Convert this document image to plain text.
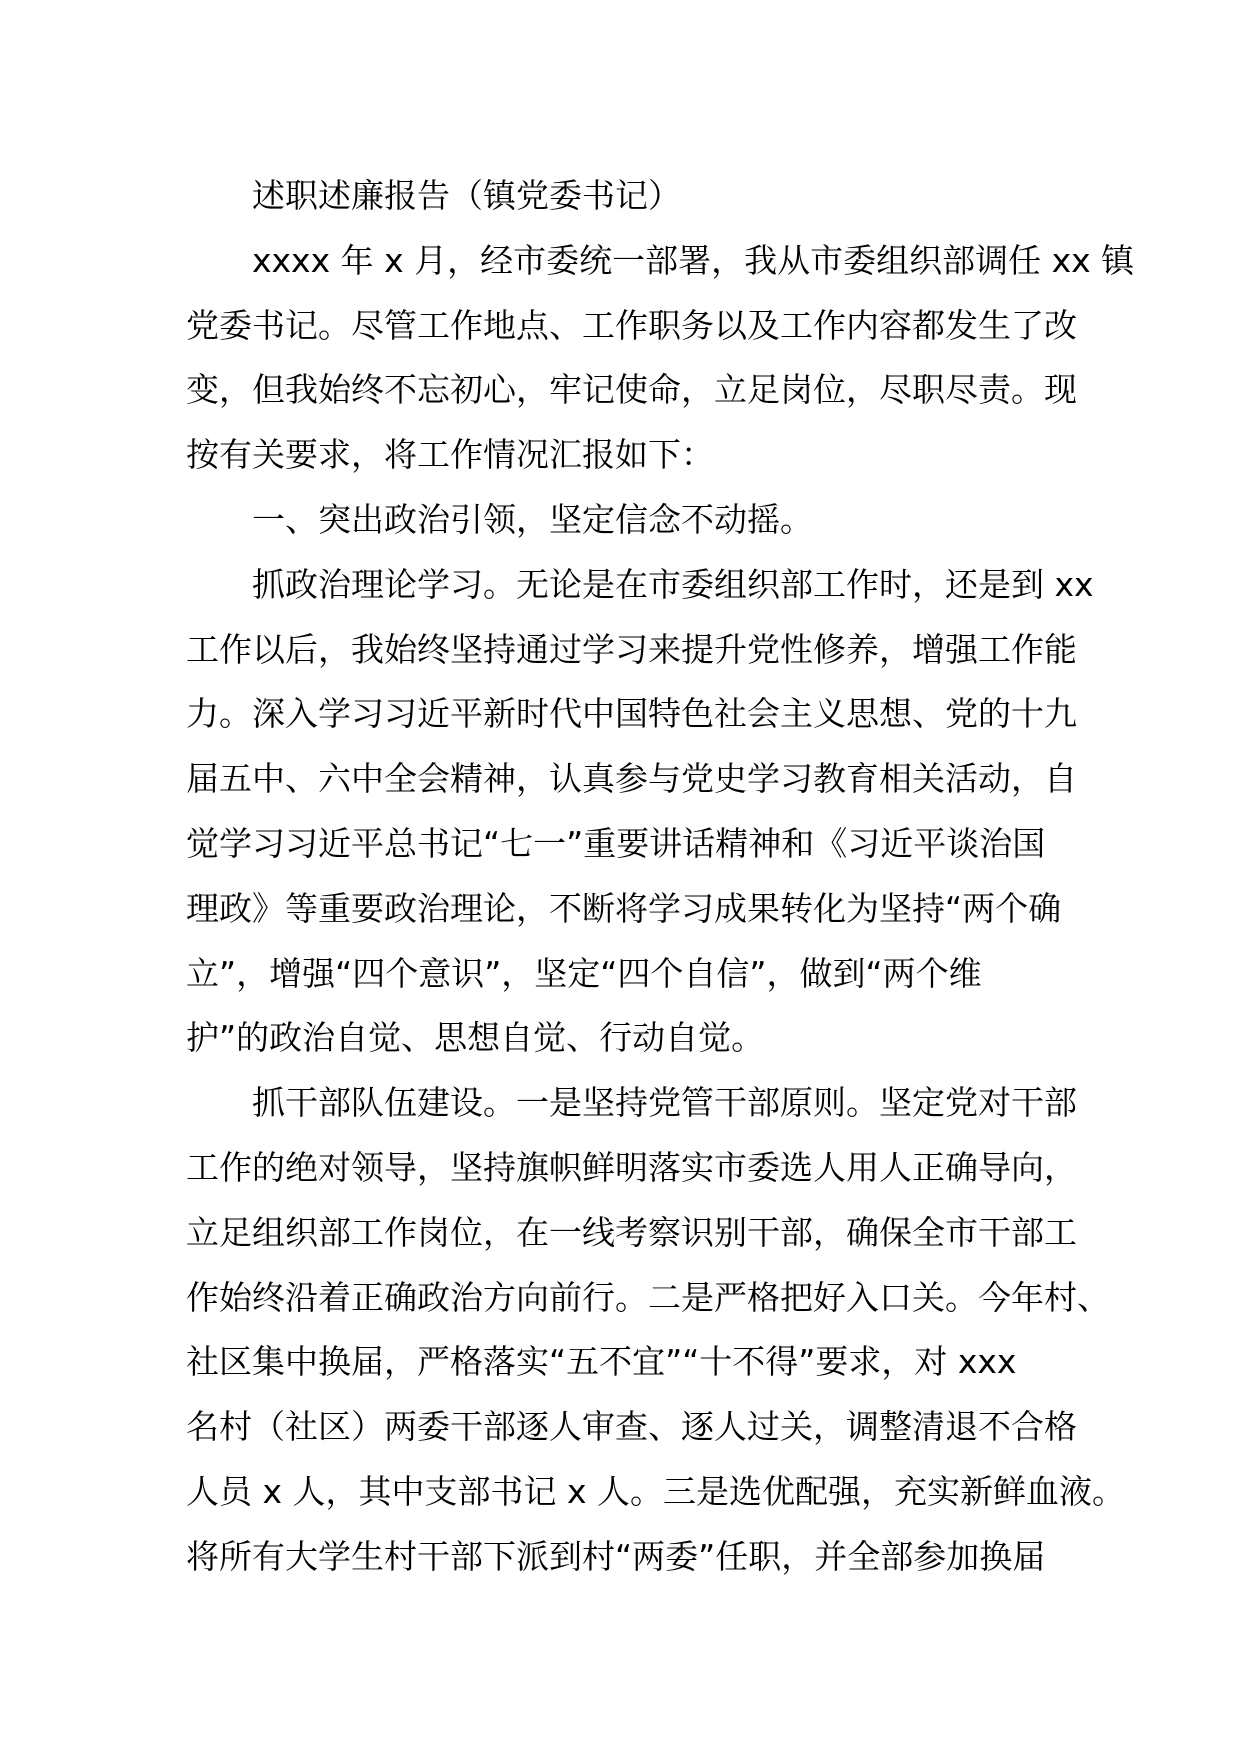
述职述廉报告（镇党委书记）
xxxx 年 x 月，经市委统一部署，我从市委组织部调任 xx 镇
党委书记。尽管工作地点、工作职务以及工作内容都发生了改
变，但我始终不忘初心，牢记使命，立足岗位，尽职尽责。现
按有关要求，将工作情况汇报如下：
一、突出政治引领，坚定信念不动摇。
抓政治理论学习。无论是在市委组织部工作时，还是到 xx
工作以后，我始终坚持通过学习来提升党性修养，增强工作能
力。深入学习习近平新时代中国特色社会主义思想、党的十九
届五中、六中全会精神，认真参与党史学习教育相关活动，自
觉学习习近平总书记“七一”重要讲话精神和《习近平谈治国
理政》等重要政治理论，不断将学习成果转化为坚持“两个确
立”，增强“四个意识”，坚定“四个自信”，做到“两个维
护”的政治自觉、思想自觉、行动自觉。
抓干部队伍建设。一是坚持党管干部原则。坚定党对干部
工作的绝对领导，坚持旗帜鲜明落实市委选人用人正确导向，
立足组织部工作岗位，在一线考察识别干部，确保全市干部工
作始终沿着正确政治方向前行。二是严格把好入口关。今年村、
社区集中换届，严格落实“五不宜”“十不得”要求，对 xxx
名村（社区）两委干部逐人审查、逐人过关，调整清退不合格
人员 x 人，其中支部书记 x 人。三是选优配强，充实新鲜血液。
将所有大学生村干部下派到村“两委”任职，并全部参加换届
